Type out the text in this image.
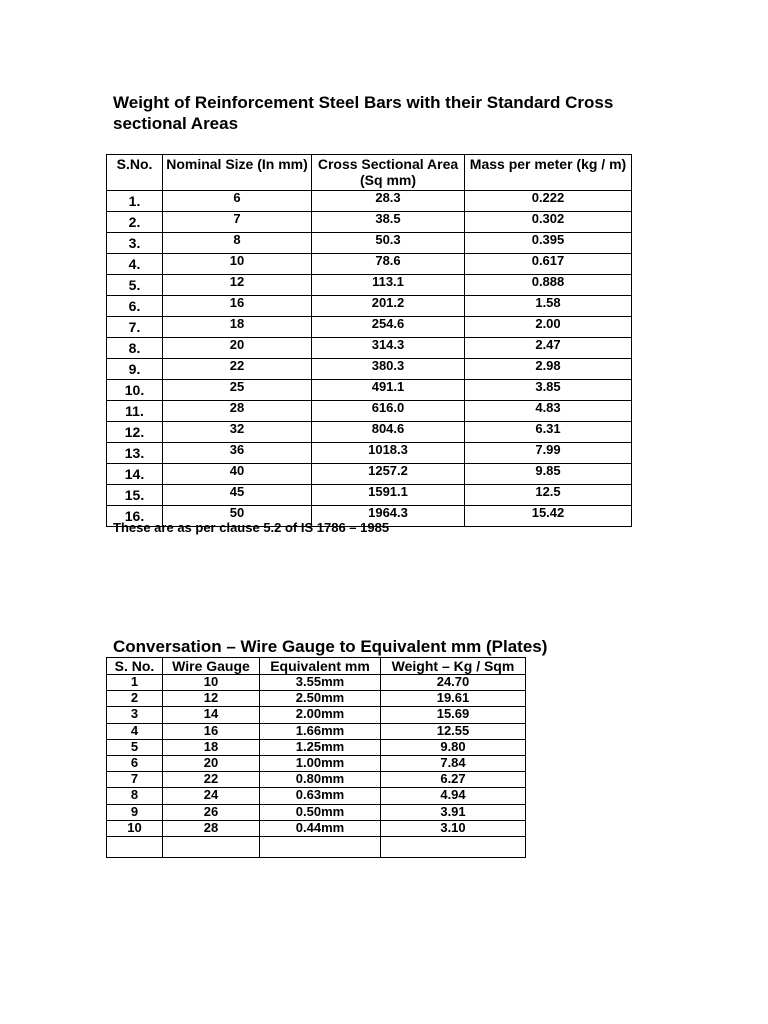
Weight of Reinforcement Steel Bars with their Standard Cross sectional Areas
S.No.	Nominal Size (In mm)	Cross Sectional Area (Sq mm)	Mass per meter (kg / m)
1.	6	28.3	0.222
2.	7	38.5	0.302
3.	8	50.3	0.395
4.	10	78.6	0.617
5.	12	113.1	0.888
6.	16	201.2	1.58
7.	18	254.6	2.00
8.	20	314.3	2.47
9.	22	380.3	2.98
10.	25	491.1	3.85
11.	28	616.0	4.83
12.	32	804.6	6.31
13.	36	1018.3	7.99
14.	40	1257.2	9.85
15.	45	1591.1	12.5
16.	50	1964.3	15.42

These are as per clause 5.2 of IS 1786 – 1985

Conversation – Wire Gauge to Equivalent mm (Plates)
S. No.	Wire Gauge	Equivalent mm	Weight – Kg / Sqm
1	10	3.55mm	24.70
2	12	2.50mm	19.61
3	14	2.00mm	15.69
4	16	1.66mm	12.55
5	18	1.25mm	9.80
6	20	1.00mm	7.84
7	22	0.80mm	6.27
8	24	0.63mm	4.94
9	26	0.50mm	3.91
10	28	0.44mm	3.10
